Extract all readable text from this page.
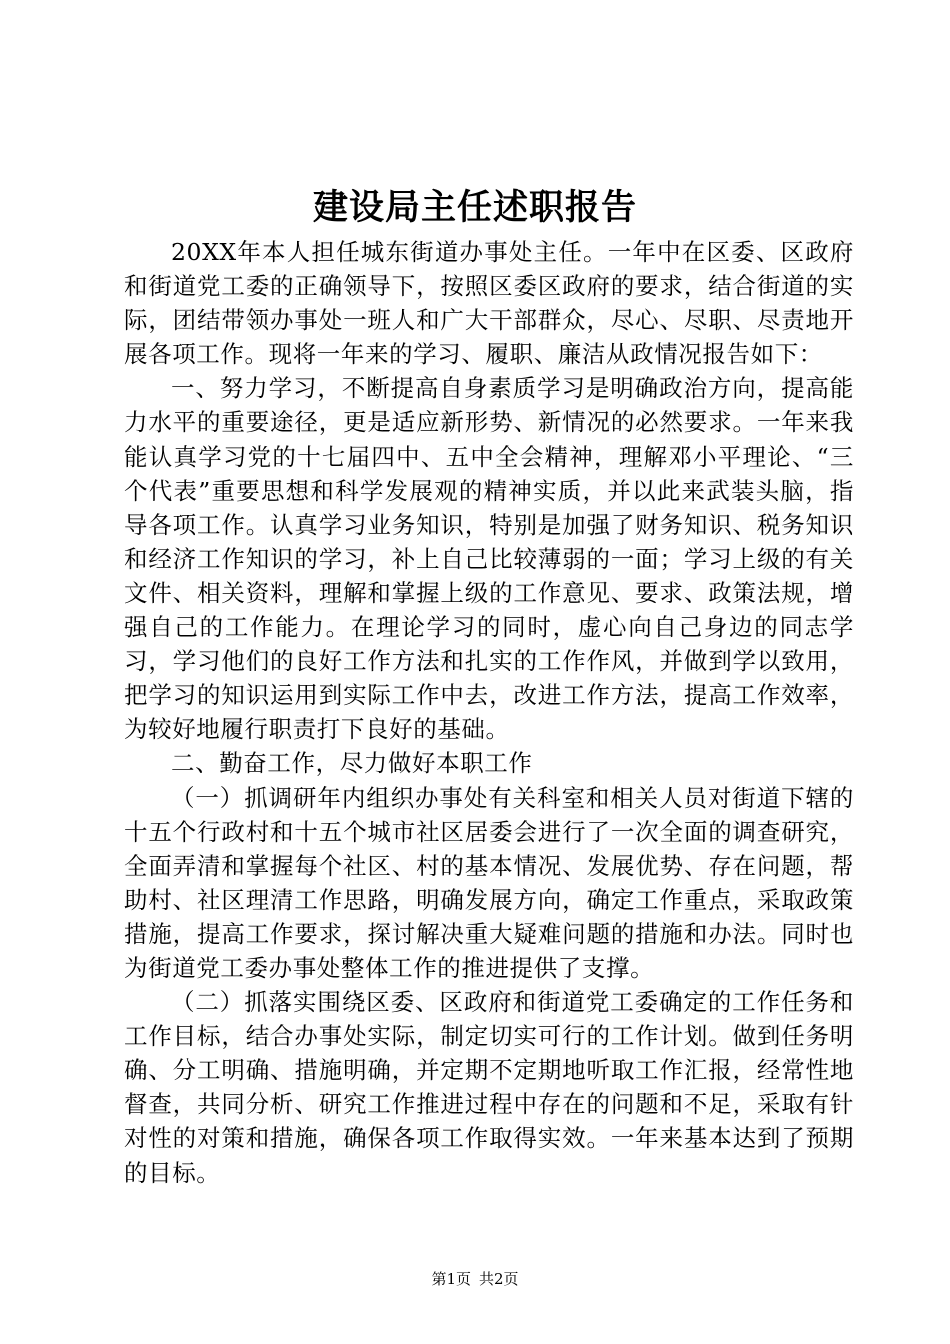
建设局主任述职报告

20XX年本人担任城东街道办事处主任。一年中在区委、区政府和街道党工委的正确领导下，按照区委区政府的要求，结合街道的实际，团结带领办事处一班人和广大干部群众，尽心、尽职、尽责地开展各项工作。现将一年来的学习、履职、廉洁从政情况报告如下：

一、努力学习，不断提高自身素质学习是明确政治方向，提高能力水平的重要途径，更是适应新形势、新情况的必然要求。一年来我能认真学习党的十七届四中、五中全会精神，理解邓小平理论、“三个代表”重要思想和科学发展观的精神实质，并以此来武装头脑，指导各项工作。认真学习业务知识，特别是加强了财务知识、税务知识和经济工作知识的学习，补上自己比较薄弱的一面；学习上级的有关文件、相关资料，理解和掌握上级的工作意见、要求、政策法规，增强自己的工作能力。在理论学习的同时，虚心向自己身边的同志学习，学习他们的良好工作方法和扎实的工作作风，并做到学以致用，把学习的知识运用到实际工作中去，改进工作方法，提高工作效率，为较好地履行职责打下良好的基础。

二、勤奋工作，尽力做好本职工作

（一）抓调研年内组织办事处有关科室和相关人员对街道下辖的十五个行政村和十五个城市社区居委会进行了一次全面的调查研究，全面弄清和掌握每个社区、村的基本情况、发展优势、存在问题，帮助村、社区理清工作思路，明确发展方向，确定工作重点，采取政策措施，提高工作要求，探讨解决重大疑难问题的措施和办法。同时也为街道党工委办事处整体工作的推进提供了支撑。

（二）抓落实围绕区委、区政府和街道党工委确定的工作任务和工作目标，结合办事处实际，制定切实可行的工作计划。做到任务明确、分工明确、措施明确，并定期不定期地听取工作汇报，经常性地督查，共同分析、研究工作推进过程中存在的问题和不足，采取有针对性的对策和措施，确保各项工作取得实效。一年来基本达到了预期的目标。

第1页 共2页
